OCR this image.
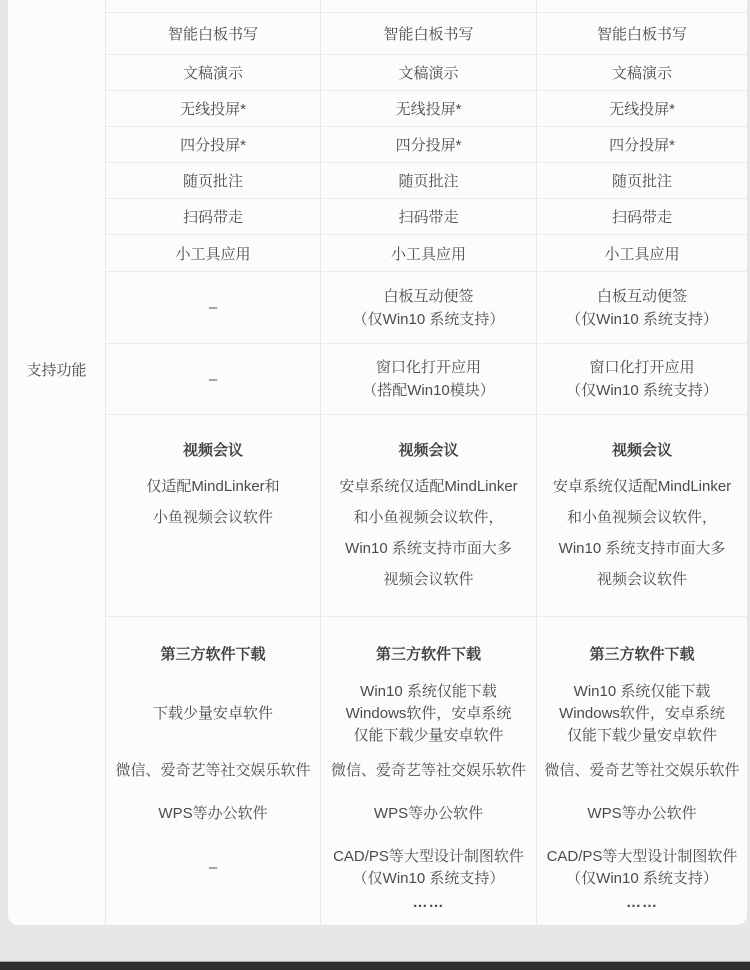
支持功能
智能白板书写
文稿演示
无线投屏*
四分投屏*
随页批注
扫码带走
小工具应用
–
–
视频会议
仅适配MindLinker和
小鱼视频会议软件
第三方软件下载
下载少量安卓软件
微信、爱奇艺等社交娱乐软件
WPS等办公软件
–
智能白板书写
文稿演示
无线投屏*
四分投屏*
随页批注
扫码带走
小工具应用
白板互动便签
（仅Win10 系统支持）
窗口化打开应用
（搭配Win10模块）
视频会议
安卓系统仅适配MindLinker
和小鱼视频会议软件，
Win10 系统支持市面大多
视频会议软件
第三方软件下载
Win10 系统仅能下载
Windows软件，安卓系统
仅能下载少量安卓软件
微信、爱奇艺等社交娱乐软件
WPS等办公软件
CAD/PS等大型设计制图软件
（仅Win10 系统支持）
……
智能白板书写
文稿演示
无线投屏*
四分投屏*
随页批注
扫码带走
小工具应用
白板互动便签
（仅Win10 系统支持）
窗口化打开应用
（仅Win10 系统支持）
视频会议
安卓系统仅适配MindLinker
和小鱼视频会议软件，
Win10 系统支持市面大多
视频会议软件
第三方软件下载
Win10 系统仅能下载
Windows软件，安卓系统
仅能下载少量安卓软件
微信、爱奇艺等社交娱乐软件
WPS等办公软件
CAD/PS等大型设计制图软件
（仅Win10 系统支持）
……
